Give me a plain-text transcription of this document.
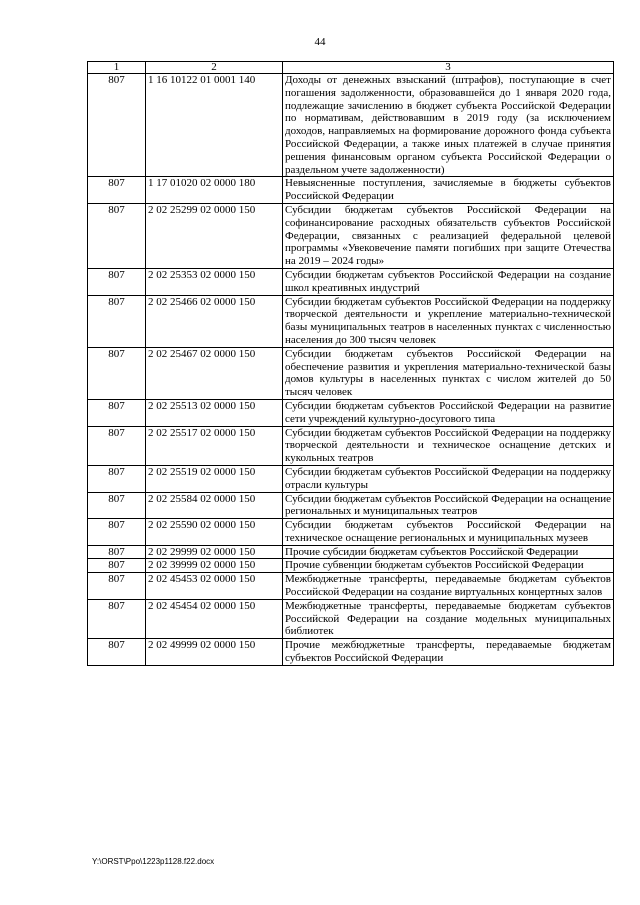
44
1	2	3
807	1 16 10122 01 0001 140	Доходы от денежных взысканий (штрафов), поступающие в счет погашения задолженности, образовавшейся до 1 января 2020 года, подлежащие зачислению в бюджет субъекта Российской Федерации по нормативам, действовавшим в 2019 году (за исключением доходов, направляемых на формирование дорожного фонда субъекта Российской Федерации, а также иных платежей в случае принятия решения финансовым органом субъекта Российской Федерации о раздельном учете задолженности)
807	1 17 01020 02 0000 180	Невыясненные поступления, зачисляемые в бюджеты субъектов Российской Федерации
807	2 02 25299 02 0000 150	Субсидии бюджетам субъектов Российской Федерации на софинансирование расходных обязательств субъектов Российской Федерации, связанных с реализацией федеральной целевой программы «Увековечение памяти погибших при защите Отечества на 2019 – 2024 годы»
807	2 02 25353 02 0000 150	Субсидии бюджетам субъектов Российской Федерации на создание школ креативных индустрий
807	2 02 25466 02 0000 150	Субсидии бюджетам субъектов Российской Федерации на поддержку творческой деятельности и укрепление материально-технической базы муниципальных театров в населенных пунктах с численностью населения до 300 тысяч человек
807	2 02 25467 02 0000 150	Субсидии бюджетам субъектов Российской Федерации на обеспечение развития и укрепления материально-технической базы домов культуры в населенных пунктах с числом жителей до 50 тысяч человек
807	2 02 25513 02 0000 150	Субсидии бюджетам субъектов Российской Федерации на развитие сети учреждений культурно-досугового типа
807	2 02 25517 02 0000 150	Субсидии бюджетам субъектов Российской Федерации на поддержку творческой деятельности и техническое оснащение детских и кукольных театров
807	2 02 25519 02 0000 150	Субсидии бюджетам субъектов Российской Федерации на поддержку отрасли культуры
807	2 02 25584 02 0000 150	Субсидии бюджетам субъектов Российской Федерации на оснащение региональных и муниципальных театров
807	2 02 25590 02 0000 150	Субсидии бюджетам субъектов Российской Федерации на техническое оснащение региональных и муниципальных музеев
807	2 02 29999 02 0000 150	Прочие субсидии бюджетам субъектов Российской Федерации
807	2 02 39999 02 0000 150	Прочие субвенции бюджетам субъектов Российской Федерации
807	2 02 45453 02 0000 150	Межбюджетные трансферты, передаваемые бюджетам субъектов Российской Федерации на создание виртуальных концертных залов
807	2 02 45454 02 0000 150	Межбюджетные трансферты, передаваемые бюджетам субъектов Российской Федерации на создание модельных муниципальных библиотек
807	2 02 49999 02 0000 150	Прочие межбюджетные трансферты, передаваемые бюджетам субъектов Российской Федерации
Y:\ORST\Ppo\1223p1128.f22.docx
